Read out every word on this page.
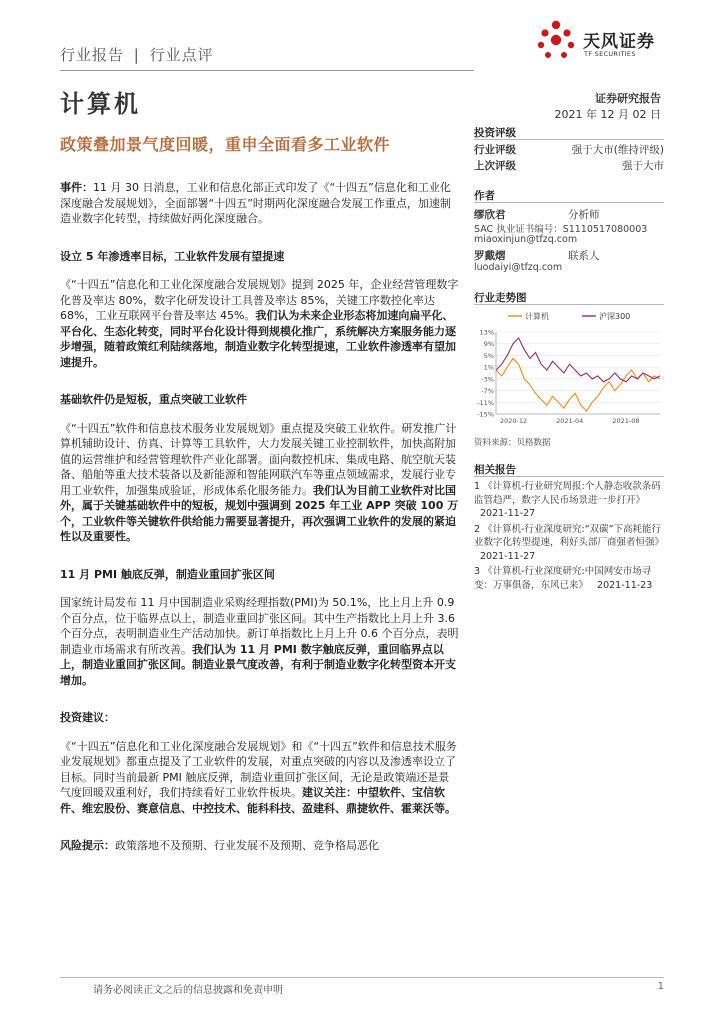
行业报告 | 行业点评
天风证券
TF SECURITIES
计算机	证券研究报告
2021 年 12 月 02 日
政策叠加景气度回暖，重申全面看多工业软件

事件：11 月 30 日消息，工业和信息化部正式印发了《“十四五”信息化和工业化深度融合发展规划》，全面部署“十四五”时期两化深度融合发展工作重点，加速制造业数字化转型，持续做好两化深度融合。

设立 5 年渗透率目标，工业软件发展有望提速

《“十四五”信息化和工业化深度融合发展规划》提到 2025 年，企业经营管理数字化普及率达 80%，数字化研发设计工具普及率达 85%，关键工序数控化率达 68%，工业互联网平台普及率达 45%。我们认为未来企业形态将加速向扁平化、平台化、生态化转变，同时平台化设计得到规模化推广，系统解决方案服务能力逐步增强，随着政策红利陆续落地，制造业数字化转型提速，工业软件渗透率有望加速提升。

基础软件仍是短板，重点突破工业软件

《“十四五”软件和信息技术服务业发展规划》重点提及突破工业软件。研发推广计算机辅助设计、仿真、计算等工具软件，大力发展关键工业控制软件，加快高附加值的运营维护和经营管理软件产业化部署。面向数控机床、集成电路、航空航天装备、船舶等重大技术装备以及新能源和智能网联汽车等重点领域需求，发展行业专用工业软件，加强集成验证，形成体系化服务能力。我们认为目前工业软件对比国外，属于关键基础软件中的短板，规划中强调到 2025 年工业 APP 突破 100 万个，工业软件等关键软件供给能力需要显著提升，再次强调工业软件的发展的紧迫性以及重要性。

11 月 PMI 触底反弹，制造业重回扩张区间

国家统计局发布 11 月中国制造业采购经理指数(PMI)为 50.1%，比上月上升 0.9 个百分点，位于临界点以上，制造业重回扩张区间。其中生产指数比上月上升 3.6 个百分点，表明制造业生产活动加快。新订单指数比上月上升 0.6 个百分点，表明制造业市场需求有所改善。我们认为 11 月 PMI 数字触底反弹，重回临界点以上，制造业重回扩张区间。制造业景气度改善，有利于制造业数字化转型资本开支增加。

投资建议：

《“十四五”信息化和工业化深度融合发展规划》和《“十四五”软件和信息技术服务业发展规划》都重点提及了工业软件的发展，对重点突破的内容以及渗透率设立了目标。同时当前最新 PMI 触底反弹，制造业重回扩张区间，无论是政策端还是景气度回暖双重利好，我们持续看好工业软件板块。建议关注：中望软件、宝信软件、维宏股份、赛意信息、中控技术、能科科技、盈建科、鼎捷软件、霍莱沃等。

风险提示：政策落地不及预期、行业发展不及预期、竞争格局恶化

投资评级
行业评级	强于大市(维持评级)
上次评级	强于大市
作者
缪欣君	分析师
SAC 执业证书编号：S1110517080003
miaoxinjun@tfzq.com
罗戴熠	联系人
luodaiyi@tfzq.com
行业走势图
计算机	沪深300
13%
9%
5%
1%
-3%
-7%
-11%
-15%
2020-12	2021-04	2021-08
资料来源：贝格数据
相关报告
1 《计算机-行业研究周报:个人静态收款条码监管趋严，数字人民币场景进一步打开》 2021-11-27
2 《计算机-行业深度研究:“双碳”下高耗能行业数字化转型提速，利好头部厂商强者恒强》 2021-11-27
3 《计算机-行业深度研究:中国网安市场寻变：万事俱备，东风已来》 2021-11-23
请务必阅读正文之后的信息披露和免责申明	1
